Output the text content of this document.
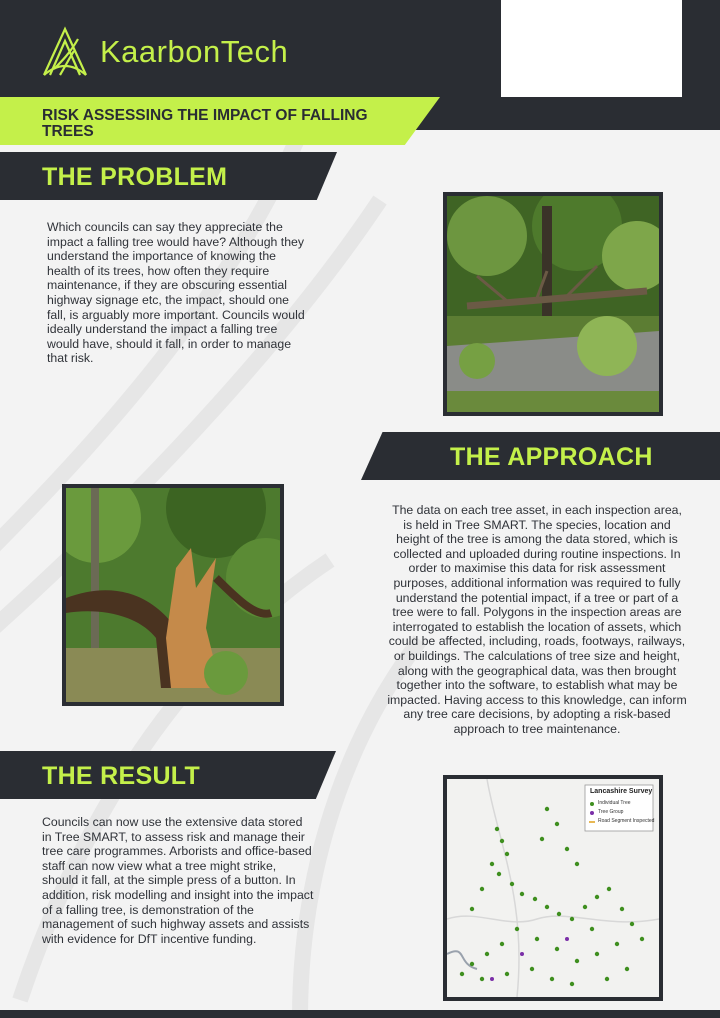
KaarbonTech
RISK ASSESSING THE IMPACT OF FALLING TREES
THE PROBLEM
Which councils can say they appreciate the impact a falling tree would have? Although they understand the importance of knowing the health of its trees, how often they require maintenance, if they are obscuring essential highway signage etc, the impact, should one fall, is arguably more important. Councils would ideally understand the impact a falling tree would have, should it fall, in order to manage that risk.
THE APPROACH
The data on each tree asset, in each inspection area, is held in Tree SMART. The species, location and height of the tree is among the data stored, which is collected and uploaded during routine inspections. In order to maximise this data for risk assessment purposes, additional information was required to fully understand the potential impact, if a tree or part of a tree were to fall. Polygons in the inspection areas are interrogated to establish the location of assets, which could be affected, including, roads, footways, railways, or buildings. The calculations of tree size and height, along with the geographical data, was then brought together into the software, to establish what may be impacted. Having access to this knowledge, can inform any tree care decisions, by adopting a risk-based approach to tree maintenance.
THE RESULT
Councils can now use the extensive data stored in Tree SMART, to assess risk and manage their tree care programmes. Arborists and office-based staff can now view what a tree might strike, should it fall, at the simple press of a button. In addition, risk modelling and insight into the impact of a falling tree, is demonstration of the management of such highway assets and assists with evidence for DfT incentive funding.
Lancashire Survey
Individual Tree
Tree Group
Road Segment Inspected
